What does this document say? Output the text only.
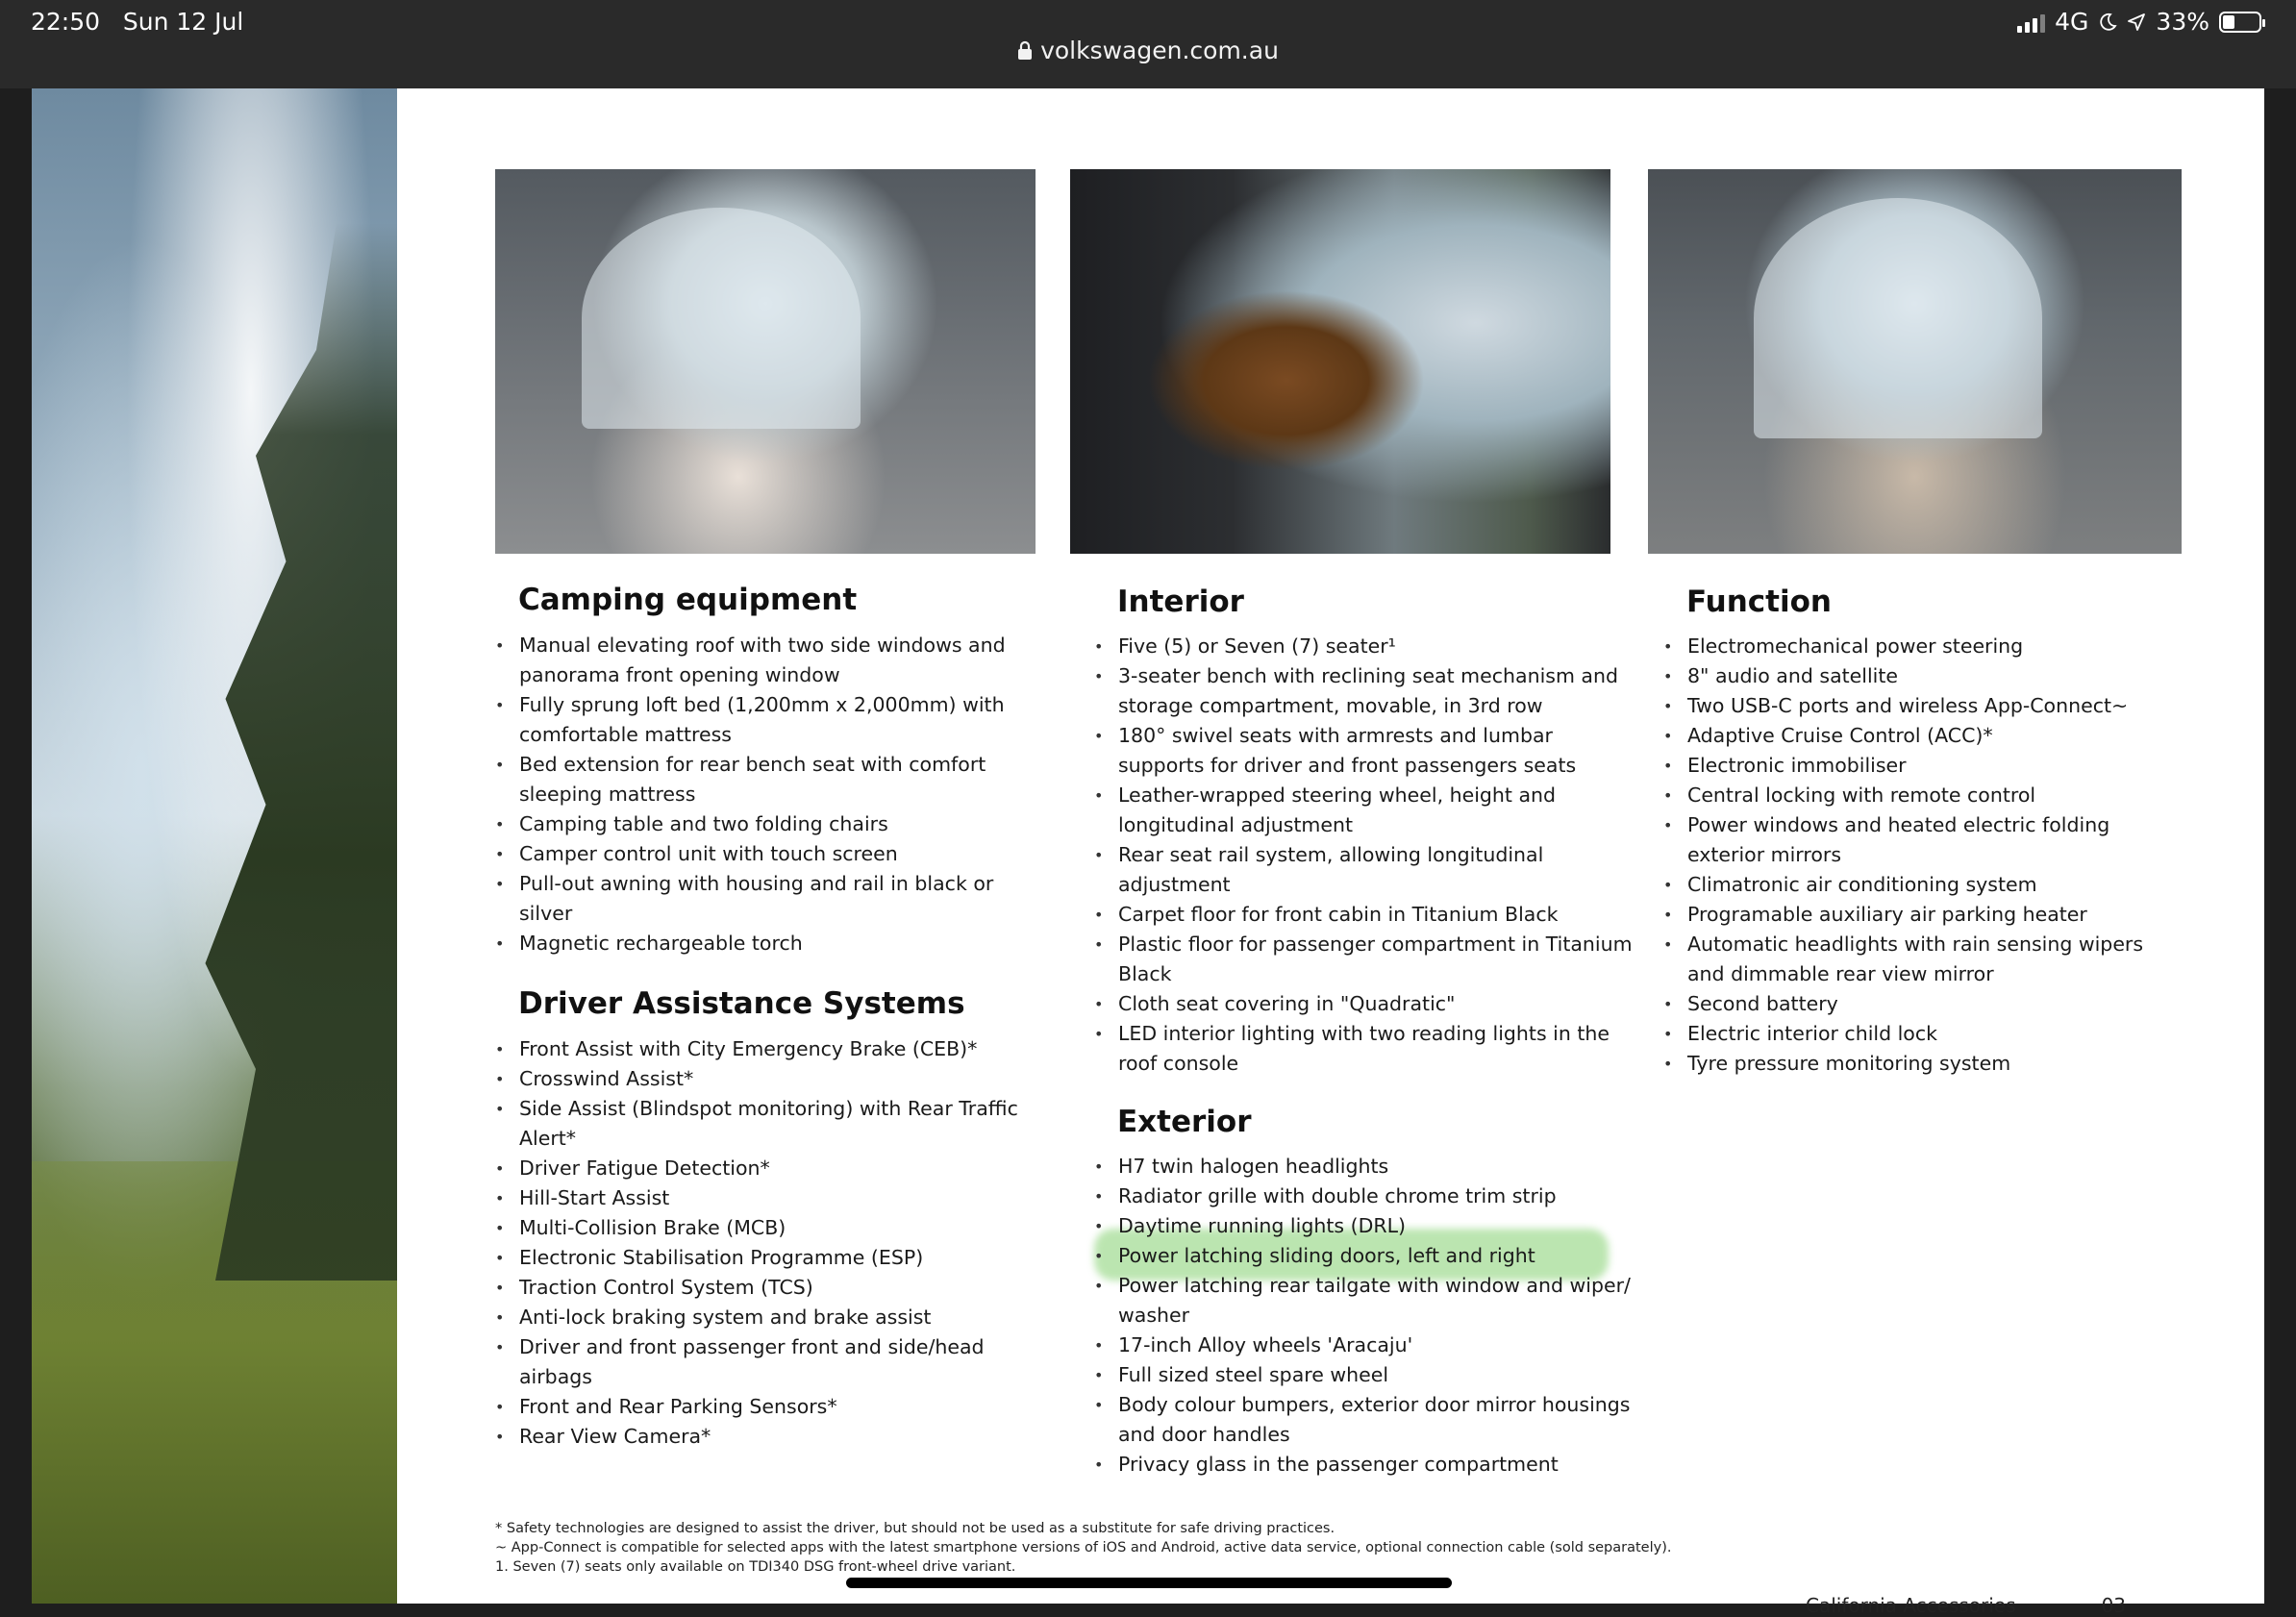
22:50 Sun 12 Jul
volkswagen.com.au
4G	33%
Camping equipment
• Manual elevating roof with two side windows and panorama front opening window
• Fully sprung loft bed (1,200mm x 2,000mm) with comfortable mattress
• Bed extension for rear bench seat with comfort sleeping mattress
• Camping table and two folding chairs
• Camper control unit with touch screen
• Pull-out awning with housing and rail in black or silver
• Magnetic rechargeable torch
Driver Assistance Systems
• Front Assist with City Emergency Brake (CEB)*
• Crosswind Assist*
• Side Assist (Blindspot monitoring) with Rear Traffic Alert*
• Driver Fatigue Detection*
• Hill-Start Assist
• Multi-Collision Brake (MCB)
• Electronic Stabilisation Programme (ESP)
• Traction Control System (TCS)
• Anti-lock braking system and brake assist
• Driver and front passenger front and side/head airbags
• Front and Rear Parking Sensors*
• Rear View Camera*
Interior
• Five (5) or Seven (7) seater¹
• 3-seater bench with reclining seat mechanism and storage compartment, movable, in 3rd row
• 180° swivel seats with armrests and lumbar supports for driver and front passengers seats
• Leather-wrapped steering wheel, height and longitudinal adjustment
• Rear seat rail system, allowing longitudinal adjustment
• Carpet floor for front cabin in Titanium Black
• Plastic floor for passenger compartment in Titanium Black
• Cloth seat covering in "Quadratic"
• LED interior lighting with two reading lights in the roof console
Exterior
• H7 twin halogen headlights
• Radiator grille with double chrome trim strip
• Daytime running lights (DRL)
• Power latching sliding doors, left and right
• Power latching rear tailgate with window and wiper/ washer
• 17-inch Alloy wheels 'Aracaju'
• Full sized steel spare wheel
• Body colour bumpers, exterior door mirror housings and door handles
• Privacy glass in the passenger compartment
Function
• Electromechanical power steering
• 8" audio and satellite
• Two USB-C ports and wireless App-Connect~
• Adaptive Cruise Control (ACC)*
• Electronic immobiliser
• Central locking with remote control
• Power windows and heated electric folding exterior mirrors
• Climatronic air conditioning system
• Programable auxiliary air parking heater
• Automatic headlights with rain sensing wipers and dimmable rear view mirror
• Second battery
• Electric interior child lock
• Tyre pressure monitoring system
* Safety technologies are designed to assist the driver, but should not be used as a substitute for safe driving practices.
~ App-Connect is compatible for selected apps with the latest smartphone versions of iOS and Android, active data service, optional connection cable (sold separately).
1. Seven (7) seats only available on TDI340 DSG front-wheel drive variant.
California Accessories	03
